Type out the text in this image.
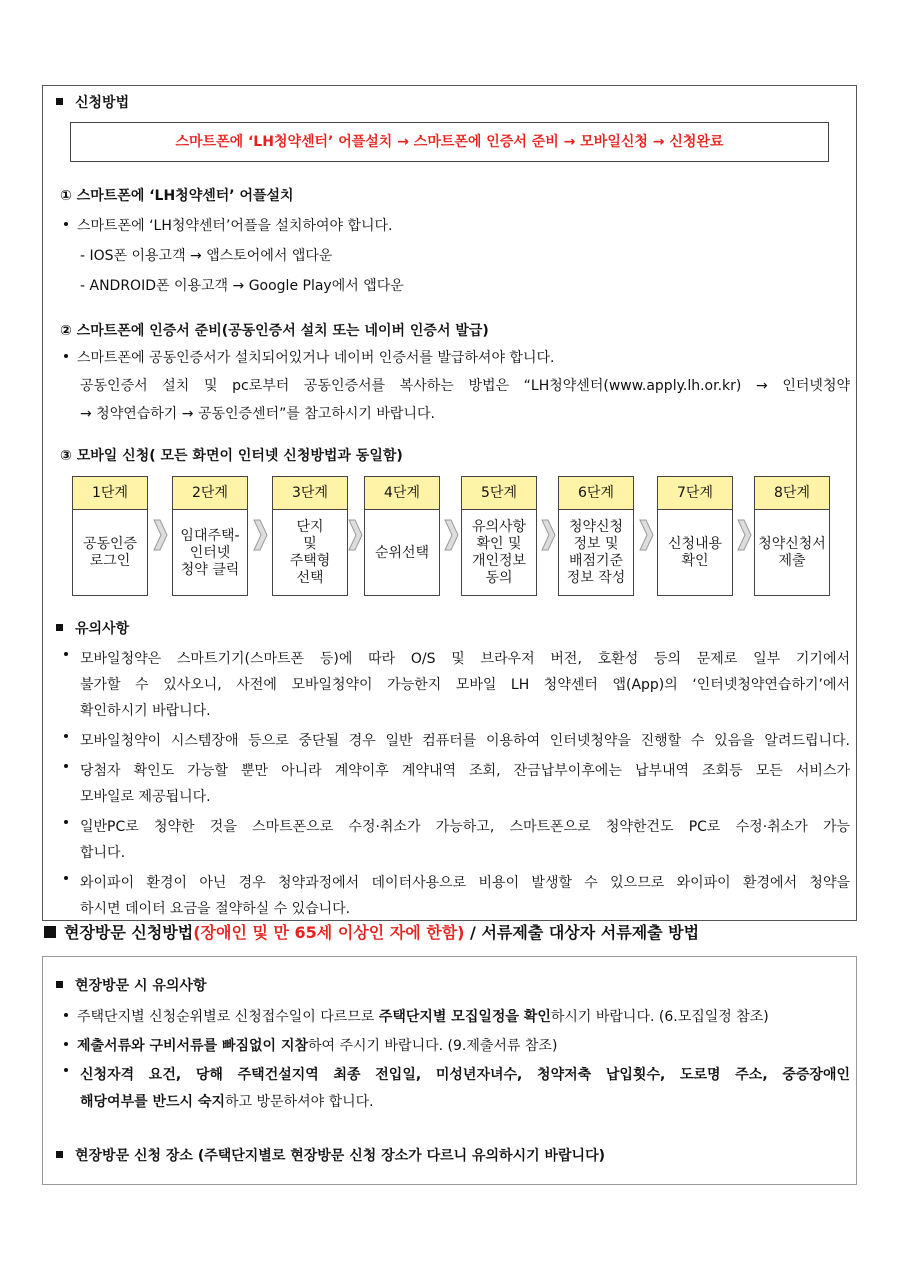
신청방법
스마트폰에 ‘LH청약센터’ 어플설치 → 스마트폰에 인증서 준비 → 모바일신청 → 신청완료
① 스마트폰에 ‘LH청약센터’ 어플설치
스마트폰에 ‘LH청약센터’어플을 설치하여야 합니다.
- IOS폰 이용고객 → 앱스토어에서 앱다운
- ANDROID폰 이용고객 → Google Play에서 앱다운
② 스마트폰에 인증서 준비(공동인증서 설치 또는 네이버 인증서 발급)
스마트폰에 공동인증서가 설치되어있거나 네이버 인증서를 발급하셔야 합니다.
공동인증서 설치 및 pc로부터 공동인증서를 복사하는 방법은 “LH청약센터(www.apply.lh.or.kr) → 인터넷청약
→ 청약연습하기 → 공동인증센터”를 참고하시기 바랍니다.
③ 모바일 신청( 모든 화면이 인터넷 신청방법과 동일함)
1단계
공동인증
로그인
2단계
임대주택-
인터넷
청약 클릭
3단계
단지
및
주택형
선택
4단계
순위선택
5단계
유의사항
확인 및
개인정보
동의
6단계
청약신청
정보 및
배점기준
정보 작성
7단계
신청내용
확인
8단계
청약신청서
제출
유의사항
모바일청약은 스마트기기(스마트폰 등)에 따라 O/S 및 브라우저 버전, 호환성 등의 문제로 일부 기기에서
불가할 수 있사오니, 사전에 모바일청약이 가능한지 모바일 LH 청약센터 앱(App)의 ‘인터넷청약연습하기’에서
확인하시기 바랍니다.
모바일청약이 시스템장애 등으로 중단될 경우 일반 컴퓨터를 이용하여 인터넷청약을 진행할 수 있음을 알려드립니다.
당첨자 확인도 가능할 뿐만 아니라 계약이후 계약내역 조회, 잔금납부이후에는 납부내역 조회등 모든 서비스가
모바일로 제공됩니다.
일반PC로 청약한 것을 스마트폰으로 수정·취소가 가능하고, 스마트폰으로 청약한건도 PC로 수정·취소가 가능
합니다.
와이파이 환경이 아닌 경우 청약과정에서 데이터사용으로 비용이 발생할 수 있으므로 와이파이 환경에서 청약을
하시면 데이터 요금을 절약하실 수 있습니다.
현장방문 신청방법(장애인 및 만 65세 이상인 자에 한함) / 서류제출 대상자 서류제출 방법
현장방문 시 유의사항
주택단지별 신청순위별로 신청접수일이 다르므로 주택단지별 모집일정을 확인하시기 바랍니다. (6.모집일정 참조)
제출서류와 구비서류를 빠짐없이 지참하여 주시기 바랍니다. (9.제출서류 참조)
신청자격 요건, 당해 주택건설지역 최종 전입일, 미성년자녀수, 청약저축 납입횟수, 도로명 주소, 중증장애인
해당여부를 반드시 숙지하고 방문하셔야 합니다.
현장방문 신청 장소 (주택단지별로 현장방문 신청 장소가 다르니 유의하시기 바랍니다)
